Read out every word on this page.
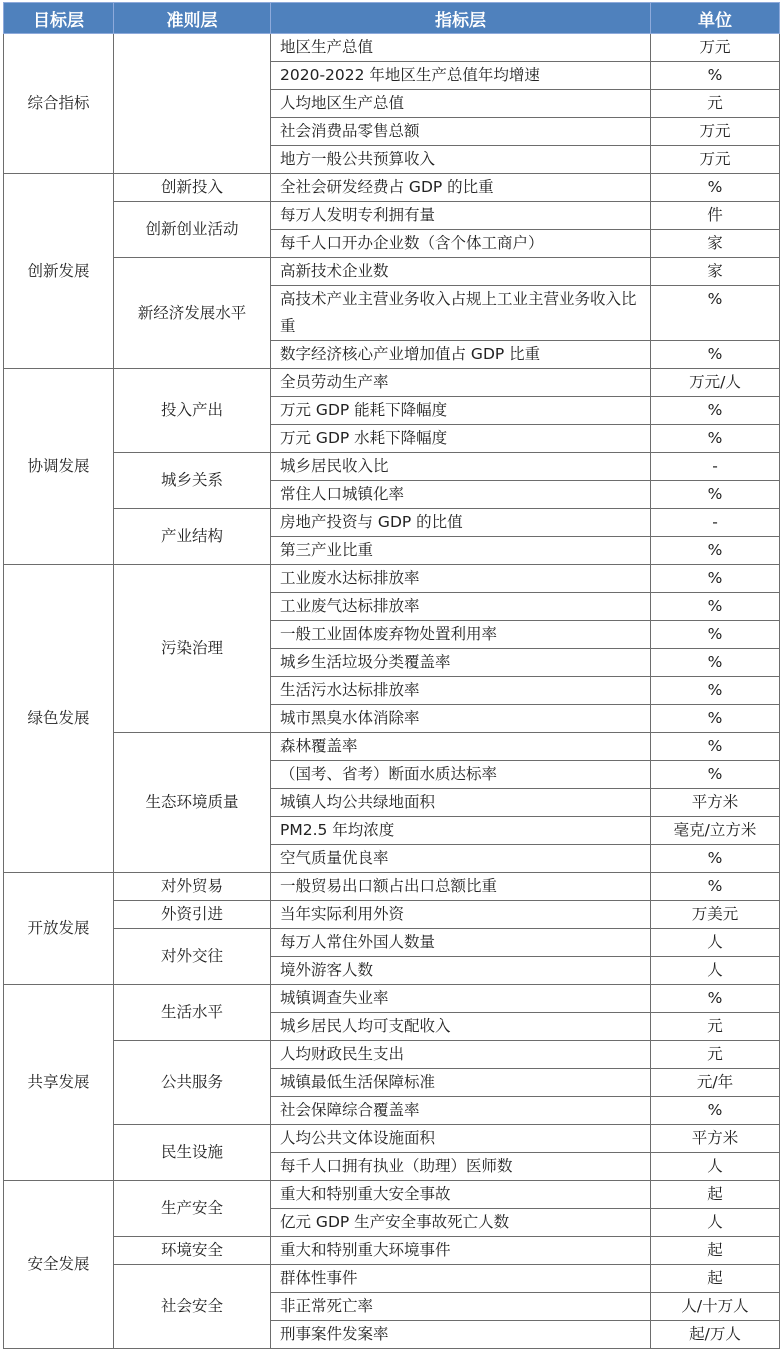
目标层	准则层	指标层	单位
综合指标		地区生产总值	万元
		2020-2022 年地区生产总值年均增速	%
		人均地区生产总值	元
		社会消费品零售总额	万元
		地方一般公共预算收入	万元
创新发展	创新投入	全社会研发经费占 GDP 的比重	%
	创新创业活动	每万人发明专利拥有量	件
		每千人口开办企业数（含个体工商户）	家
	新经济发展水平	高新技术企业数	家
		高技术产业主营业务收入占规上工业主营业务收入比重	%

		数字经济核心产业增加值占 GDP 比重	%
协调发展	投入产出	全员劳动生产率	万元/人
		万元 GDP 能耗下降幅度	%
		万元 GDP 水耗下降幅度	%
	城乡关系	城乡居民收入比	-
		常住人口城镇化率	%
	产业结构	房地产投资与 GDP 的比值	-
		第三产业比重	%
绿色发展	污染治理	工业废水达标排放率	%
		工业废气达标排放率	%
		一般工业固体废弃物处置利用率	%
		城乡生活垃圾分类覆盖率	%
		生活污水达标排放率	%
		城市黑臭水体消除率	%
	生态环境质量	森林覆盖率	%
		（国考、省考）断面水质达标率	%
		城镇人均公共绿地面积	平方米
		PM2.5 年均浓度	毫克/立方米
		空气质量优良率	%
开放发展	对外贸易	一般贸易出口额占出口总额比重	%
	外资引进	当年实际利用外资	万美元
	对外交往	每万人常住外国人数量	人
		境外游客人数	人
共享发展	生活水平	城镇调查失业率	%
		城乡居民人均可支配收入	元
	公共服务	人均财政民生支出	元
		城镇最低生活保障标准	元/年
		社会保障综合覆盖率	%
	民生设施	人均公共文体设施面积	平方米
		每千人口拥有执业（助理）医师数	人
安全发展	生产安全	重大和特别重大安全事故	起
		亿元 GDP 生产安全事故死亡人数	人
	环境安全	重大和特别重大环境事件	起
	社会安全	群体性事件	起
		非正常死亡率	人/十万人
		刑事案件发案率	起/万人
